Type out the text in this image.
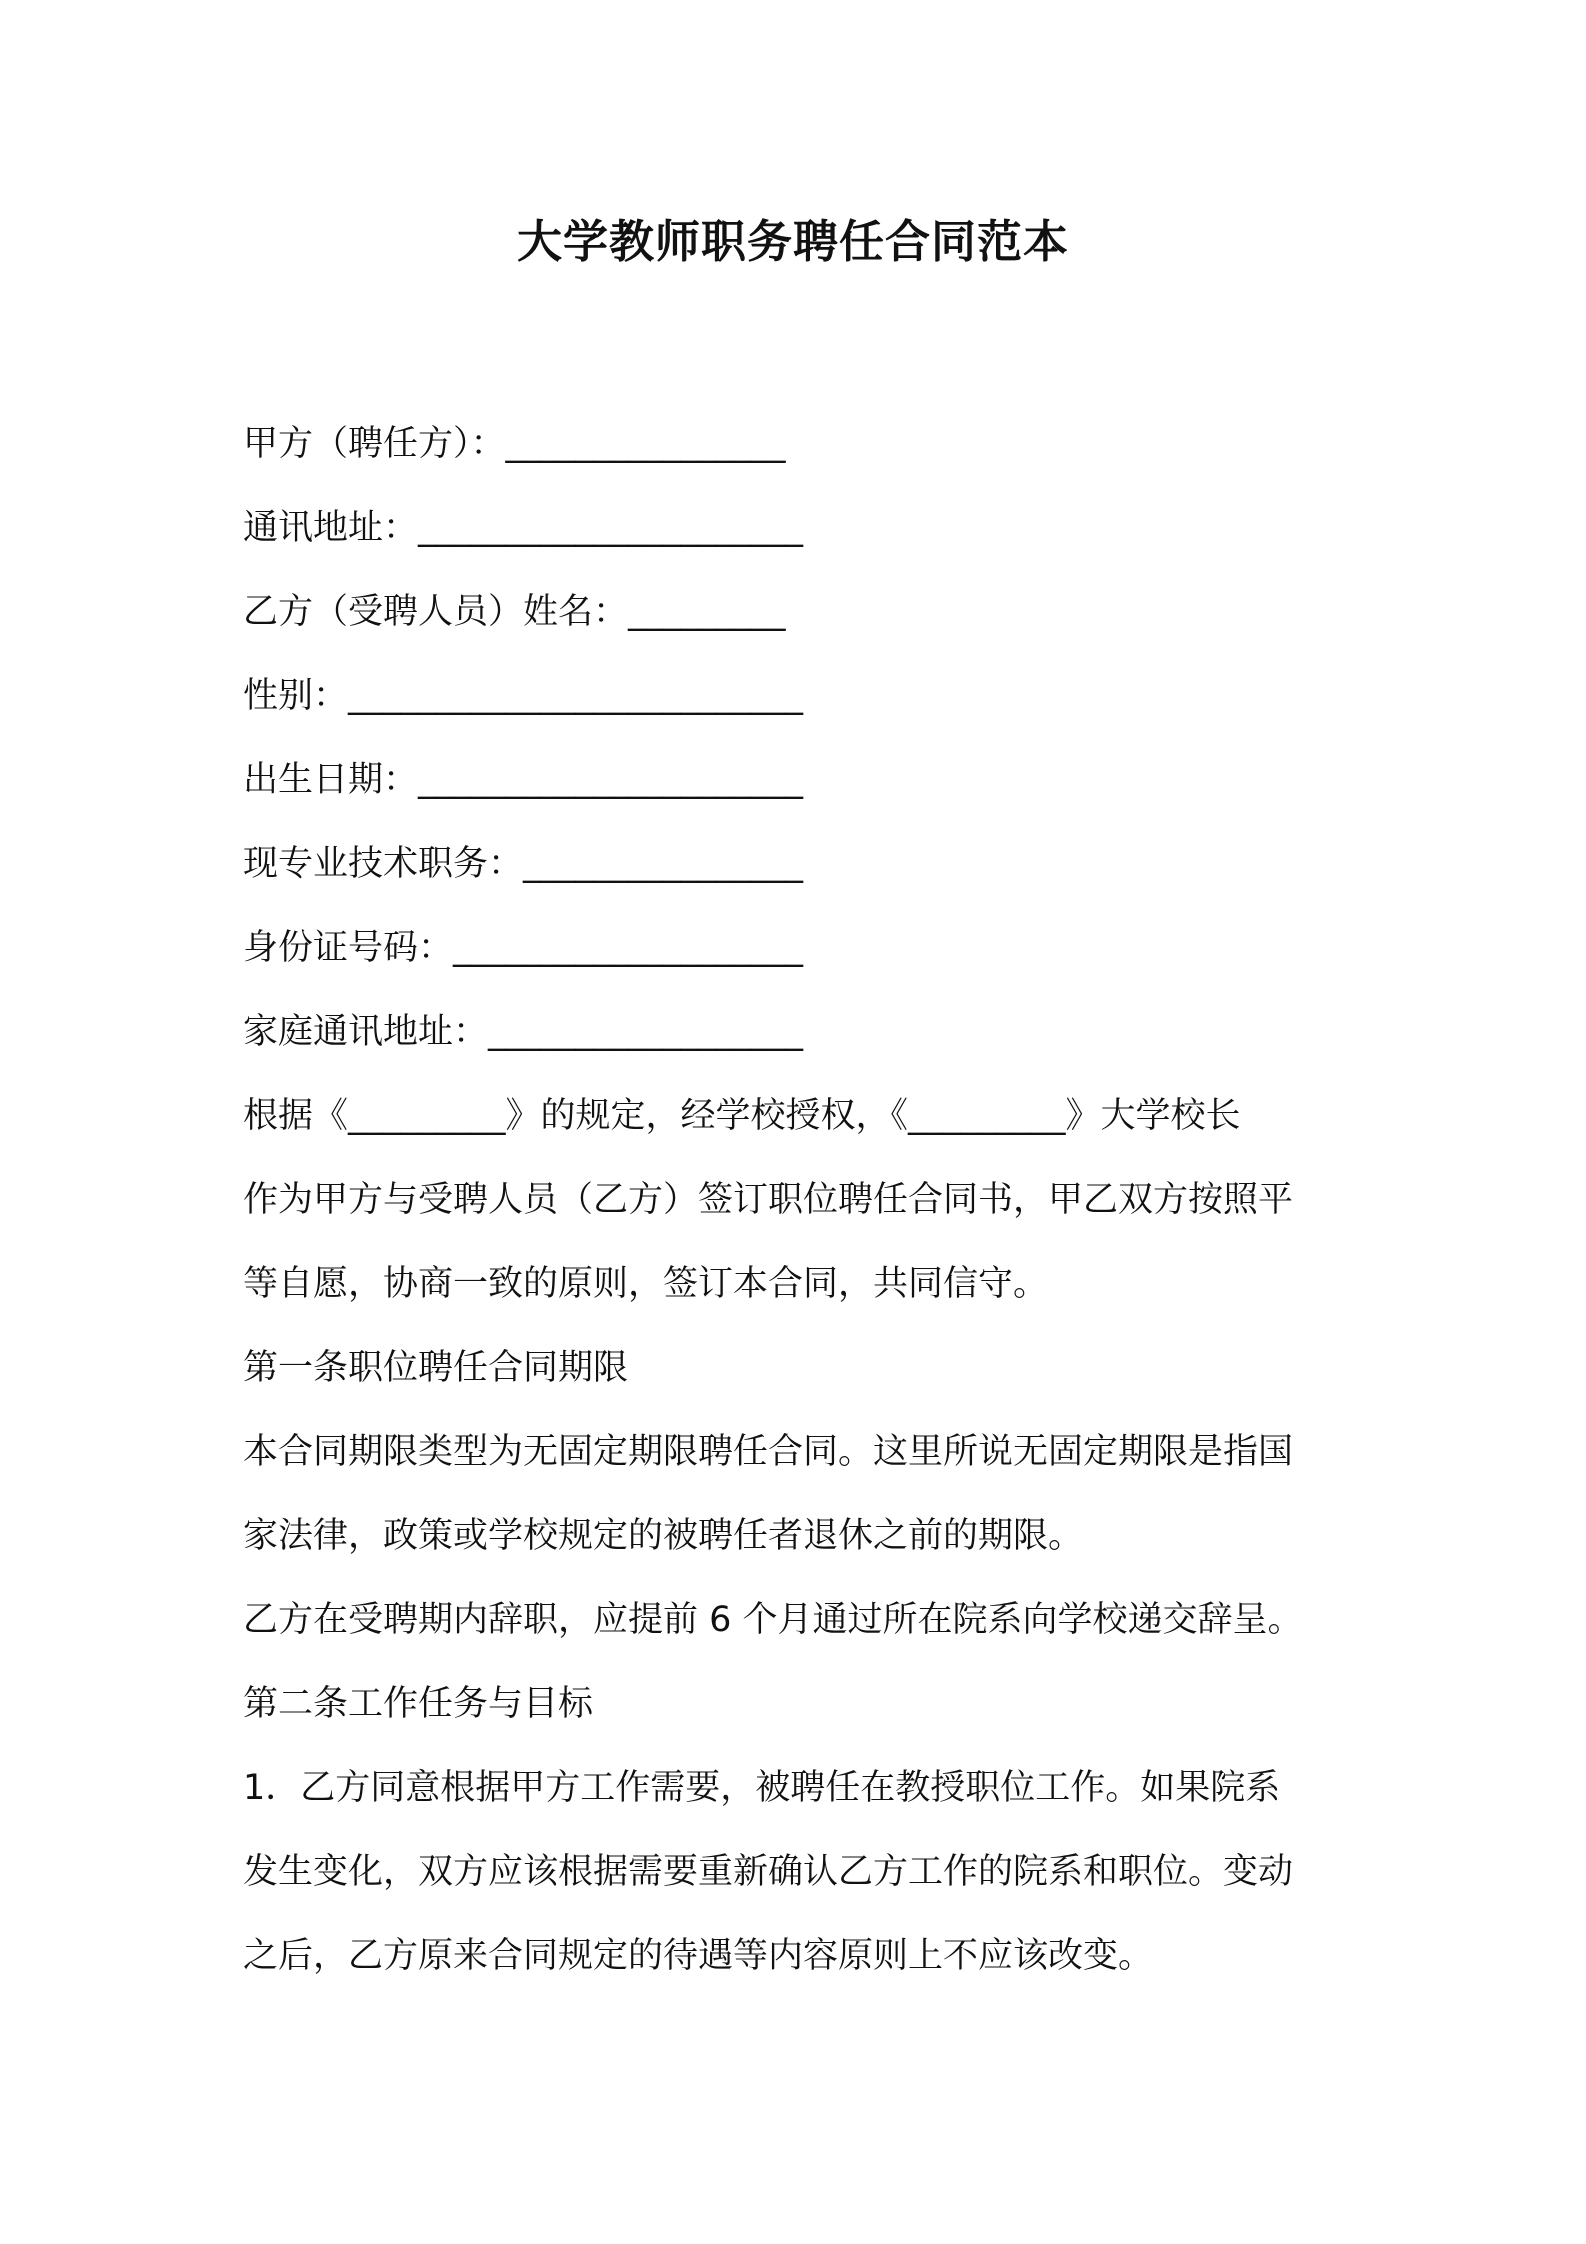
大学教师职务聘任合同范本
甲方（聘任方）：________________
通讯地址：______________________
乙方（受聘人员）姓名：_________
性别：__________________________
出生日期：______________________
现专业技术职务：________________
身份证号码：____________________
家庭通讯地址：__________________
根据《_________》的规定，经学校授权，《_________》大学校长
作为甲方与受聘人员（乙方）签订职位聘任合同书，甲乙双方按照平
等自愿，协商一致的原则，签订本合同，共同信守。
第一条职位聘任合同期限
本合同期限类型为无固定期限聘任合同。这里所说无固定期限是指国
家法律，政策或学校规定的被聘任者退休之前的期限。
乙方在受聘期内辞职，应提前 6 个月通过所在院系向学校递交辞呈。
第二条工作任务与目标
1．乙方同意根据甲方工作需要，被聘任在教授职位工作。如果院系
发生变化，双方应该根据需要重新确认乙方工作的院系和职位。变动
之后，乙方原来合同规定的待遇等内容原则上不应该改变。
